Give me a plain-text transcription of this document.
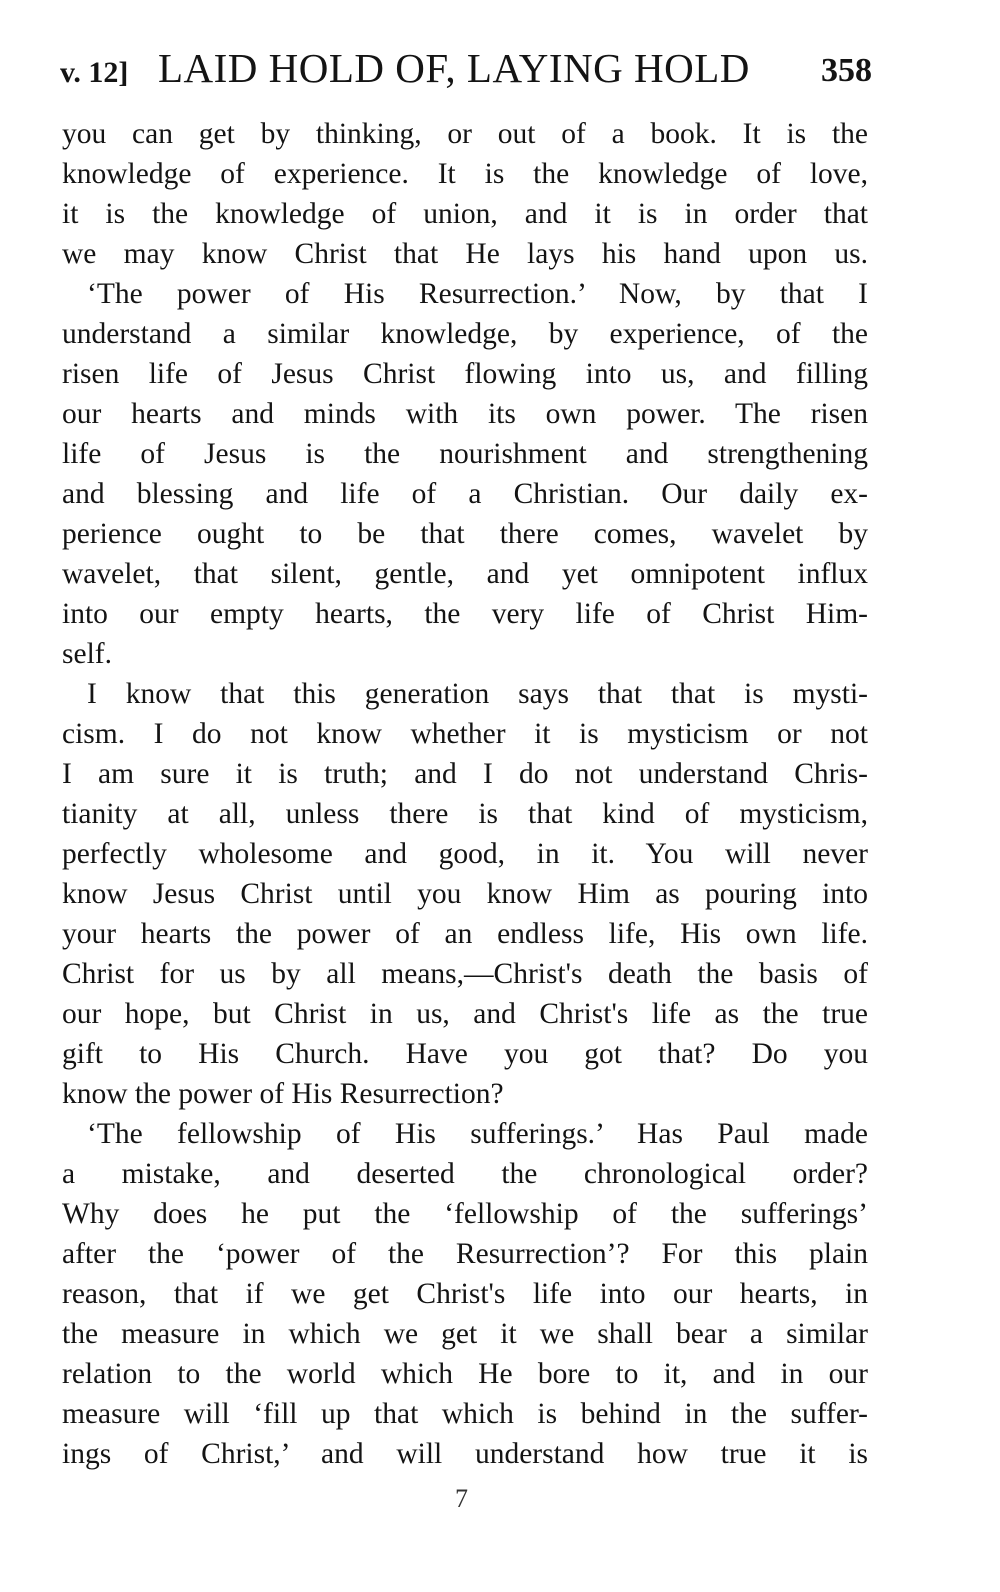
v. 12] LAID HOLD OF, LAYING HOLD 358
you can get by thinking, or out of a book. It is the
knowledge of experience. It is the knowledge of love,
it is the knowledge of union, and it is in order that
we may know Christ that He lays his hand upon us.
‘The power of His Resurrection.’ Now, by that I
understand a similar knowledge, by experience, of the
risen life of Jesus Christ flowing into us, and filling
our hearts and minds with its own power. The risen
life of Jesus is the nourishment and strengthening
and blessing and life of a Christian. Our daily ex-
perience ought to be that there comes, wavelet by
wavelet, that silent, gentle, and yet omnipotent influx
into our empty hearts, the very life of Christ Him-
self.
I know that this generation says that that is mysti-
cism. I do not know whether it is mysticism or not
I am sure it is truth; and I do not understand Chris-
tianity at all, unless there is that kind of mysticism,
perfectly wholesome and good, in it. You will never
know Jesus Christ until you know Him as pouring into
your hearts the power of an endless life, His own life.
Christ for us by all means,—Christ's death the basis of
our hope, but Christ in us, and Christ's life as the true
gift to His Church. Have you got that? Do you
know the power of His Resurrection?
‘The fellowship of His sufferings.’ Has Paul made
a mistake, and deserted the chronological order?
Why does he put the ‘fellowship of the sufferings’
after the ‘power of the Resurrection’? For this plain
reason, that if we get Christ's life into our hearts, in
the measure in which we get it we shall bear a similar
relation to the world which He bore to it, and in our
measure will ‘fill up that which is behind in the suffer-
ings of Christ,’ and will understand how true it is
7
